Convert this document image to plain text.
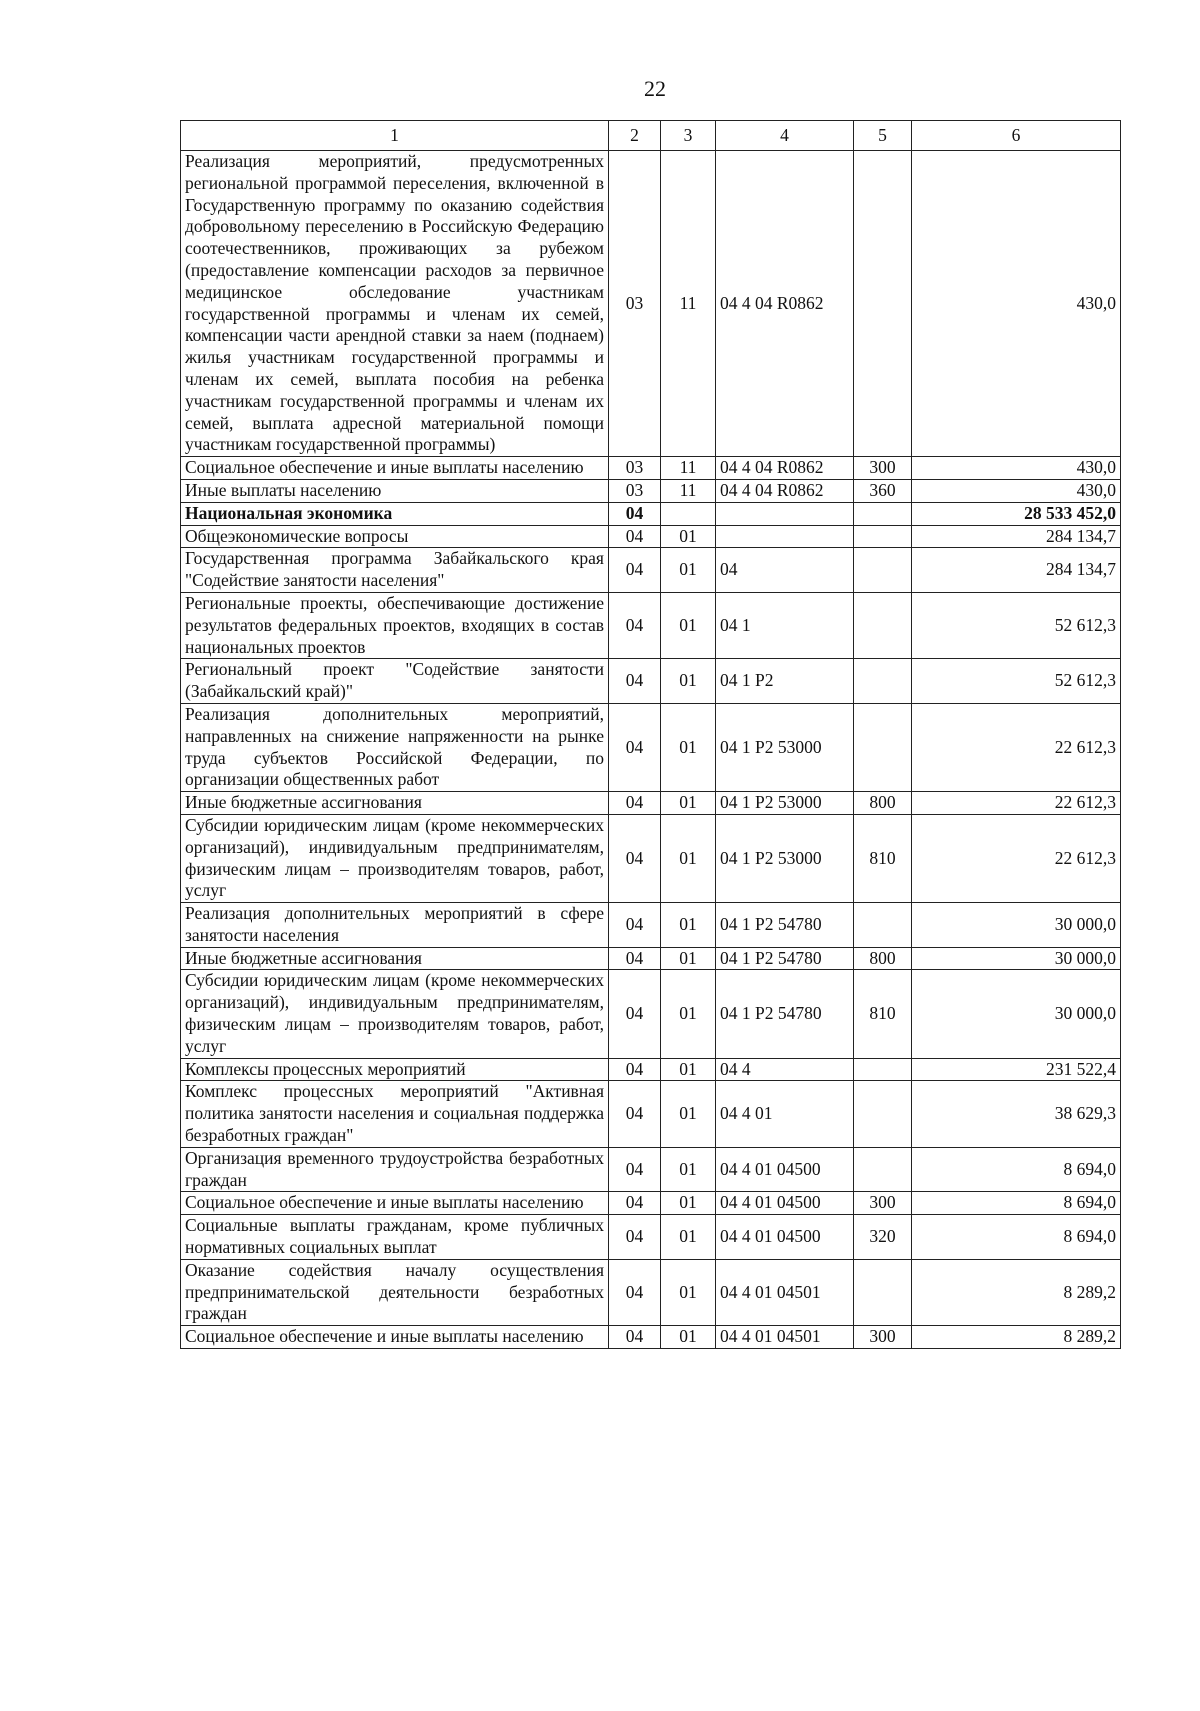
22
1	2	3	4	5	6
Реализация мероприятий, предусмотренных региональной программой переселения, включенной в Государственную программу по оказанию содействия добровольному переселению в Российскую Федерацию соотечественников, проживающих за рубежом (предоставление компенсации расходов за первичное медицинское обследование участникам государственной программы и членам их семей, компенсации части арендной ставки за наем (поднаем) жилья участникам государственной программы и членам их семей, выплата пособия на ребенка участникам государственной программы и членам их семей, выплата адресной материальной помощи участникам государственной программы)	03	11	04 4 04 R0862		430,0
Социальное обеспечение и иные выплаты населению	03	11	04 4 04 R0862	300	430,0
Иные выплаты населению	03	11	04 4 04 R0862	360	430,0
Национальная экономика	04				28 533 452,0
Общеэкономические вопросы	04	01			284 134,7
Государственная программа Забайкальского края "Содействие занятости населения"	04	01	04		284 134,7
Региональные проекты, обеспечивающие достижение результатов федеральных проектов, входящих в состав национальных проектов	04	01	04 1		52 612,3
Региональный проект "Содействие занятости (Забайкальский край)"	04	01	04 1 P2		52 612,3
Реализация дополнительных мероприятий, направленных на снижение напряженности на рынке труда субъектов Российской Федерации, по организации общественных работ	04	01	04 1 P2 53000		22 612,3
Иные бюджетные ассигнования	04	01	04 1 P2 53000	800	22 612,3
Субсидии юридическим лицам (кроме некоммерческих организаций), индивидуальным предпринимателям, физическим лицам – производителям товаров, работ, услуг	04	01	04 1 P2 53000	810	22 612,3
Реализация дополнительных мероприятий в сфере занятости населения	04	01	04 1 P2 54780		30 000,0
Иные бюджетные ассигнования	04	01	04 1 P2 54780	800	30 000,0
Субсидии юридическим лицам (кроме некоммерческих организаций), индивидуальным предпринимателям, физическим лицам – производителям товаров, работ, услуг	04	01	04 1 P2 54780	810	30 000,0
Комплексы процессных мероприятий	04	01	04 4		231 522,4
Комплекс процессных мероприятий "Активная политика занятости населения и социальная поддержка безработных граждан"	04	01	04 4 01		38 629,3
Организация временного трудоустройства безработных граждан	04	01	04 4 01 04500		8 694,0
Социальное обеспечение и иные выплаты населению	04	01	04 4 01 04500	300	8 694,0
Социальные выплаты гражданам, кроме публичных нормативных социальных выплат	04	01	04 4 01 04500	320	8 694,0
Оказание содействия началу осуществления предпринимательской деятельности безработных граждан	04	01	04 4 01 04501		8 289,2
Социальное обеспечение и иные выплаты населению	04	01	04 4 01 04501	300	8 289,2
